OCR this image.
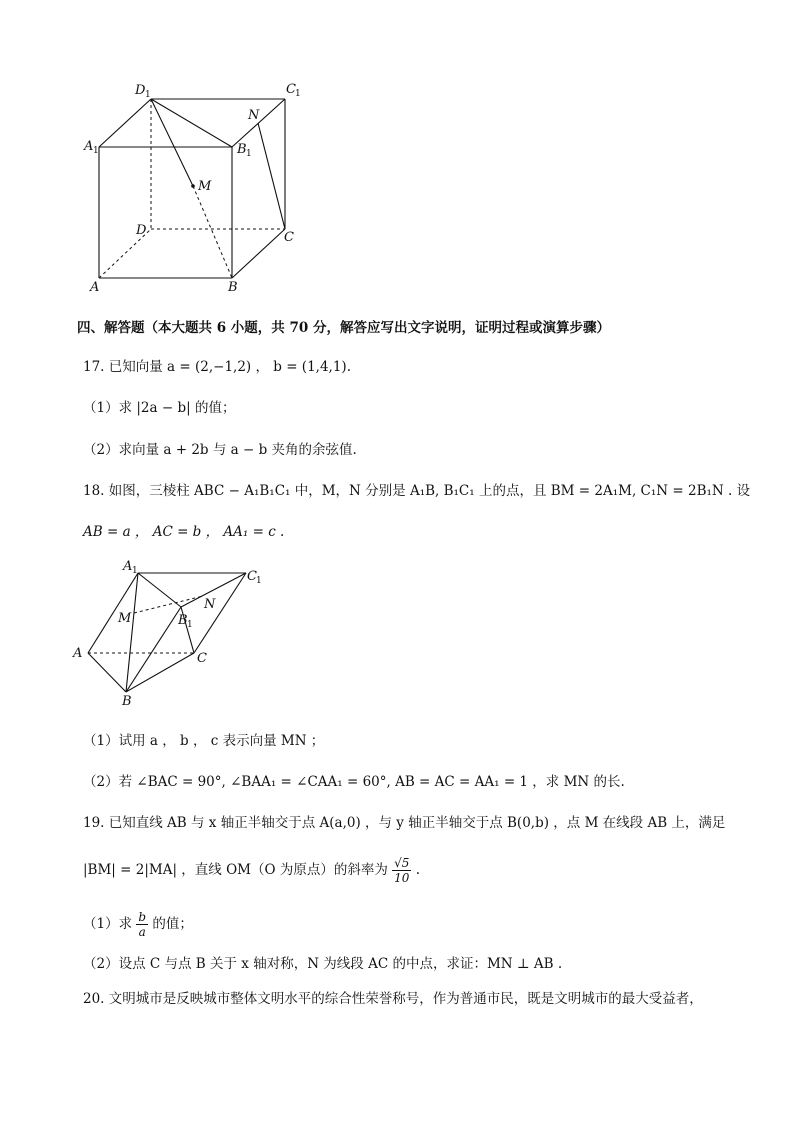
D 1	C 1
A 1	B 1
N
M
D	C
A	B
四、解答题（本大题共 6 小题，共 70 分，解答应写出文字说明，证明过程或演算步骤）
17. 已知向量 a = (2,−1,2) ， b = (1,4,1).
（1）求 |2a − b| 的值；
（2）求向量 a + 2b 与 a − b 夹角的余弦值.
18. 如图，三棱柱 ABC − A₁B₁C₁ 中，M，N 分别是 A₁B, B₁C₁ 上的点，且 BM = 2A₁M, C₁N = 2B₁N . 设
AB = a ， AC = b ， AA₁ = c .
A 1	C 1
M
N
B 1
A	C
B
（1）试用 a ， b ， c 表示向量 MN ；
（2）若 ∠BAC = 90°, ∠BAA₁ = ∠CAA₁ = 60°, AB = AC = AA₁ = 1 ，求 MN 的长.
19. 已知直线 AB 与 x 轴正半轴交于点 A(a,0) ，与 y 轴正半轴交于点 B(0,b) ，点 M 在线段 AB 上，满足
|BM| = 2|MA| ，直线 OM（O 为原点）的斜率为 $\frac{√5}{10}$ .
（1）求 $\frac{b}{a}$ 的值；
（2）设点 C 与点 B 关于 x 轴对称，N 为线段 AC 的中点，求证：MN ⊥ AB .
20. 文明城市是反映城市整体文明水平的综合性荣誉称号，作为普通市民，既是文明城市的最大受益者，
